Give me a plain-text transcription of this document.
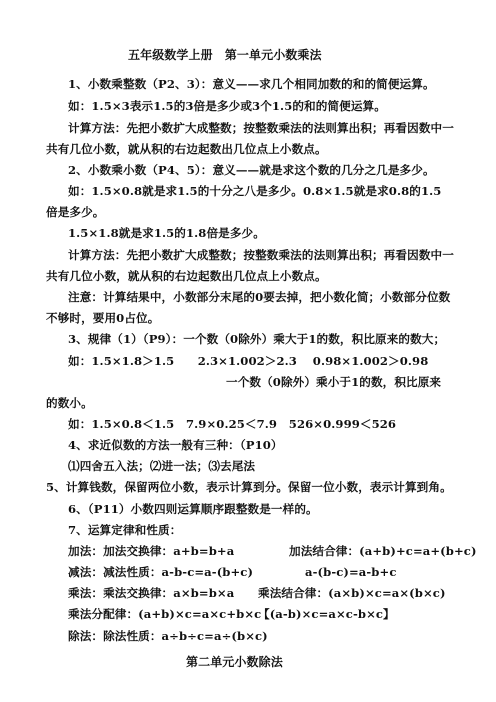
五年级数学上册　第一单元小数乘法
1、小数乘整数（P2、3）：意义——求几个相同加数的和的简便运算。
如：1.5×3表示1.5的3倍是多少或3个1.5的和的简便运算。
计算方法：先把小数扩大成整数；按整数乘法的法则算出积；再看因数中一
共有几位小数，就从积的右边起数出几位点上小数点。
2、小数乘小数（P4、5）：意义——就是求这个数的几分之几是多少。
如：1.5×0.8就是求1.5的十分之八是多少。0.8×1.5就是求0.8的1.5
倍是多少。
1.5×1.8就是求1.5的1.8倍是多少。
计算方法：先把小数扩大成整数；按整数乘法的法则算出积；再看因数中一
共有几位小数，就从积的右边起数出几位点上小数点。
注意：计算结果中，小数部分末尾的0要去掉，把小数化简；小数部分位数
不够时，要用0占位。
3、规律（1）（P9）：一个数（0除外）乘大于1的数，积比原来的数大；
如：1.5×1.8＞1.5　　2.3×1.002＞2.3　 0.98×1.002＞0.98
一个数（0除外）乘小于1的数，积比原来
的数小。
如：1.5×0.8＜1.5　7.9×0.25＜7.9　526×0.999＜526
4、求近似数的方法一般有三种：（P10）
⑴四舍五入法；⑵进一法；⑶去尾法
5、计算钱数，保留两位小数，表示计算到分。保留一位小数，表示计算到角。
6、（P11）小数四则运算顺序跟整数是一样的。
7、运算定律和性质：
加法：加法交换律：a+b=b+a	加法结合律：(a+b)+c=a+(b+c)
减法：减法性质：a-b-c=a-(b+c)	a-(b-c)=a-b+c
乘法：乘法交换律：a×b=b×a 乘法结合律：(a×b)×c=a×(b×c)
乘法分配律：(a+b)×c=a×c+b×c
【(a-b)×c=a×c-b×c】
除法：除法性质：a÷b÷c=a÷(b×c)
第二单元小数除法
